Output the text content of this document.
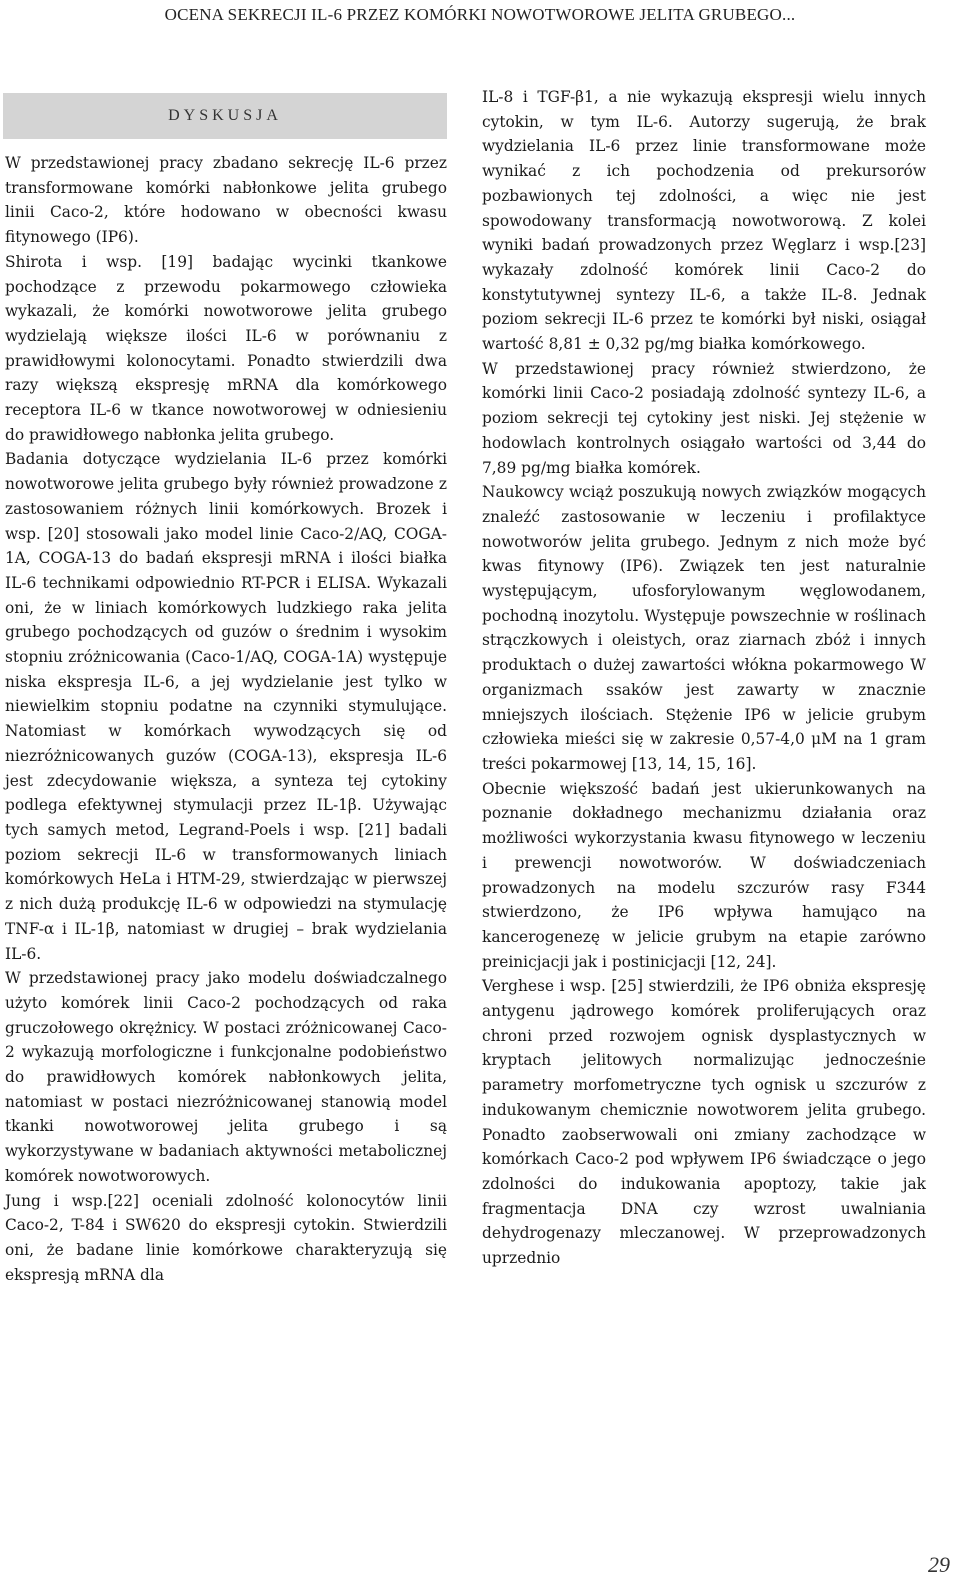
OCENA SEKRECJI IL-6 PRZEZ KOMÓRKI NOWOTWOROWE JELITA GRUBEGO...
DYSKUSJA

W przedstawionej pracy zbadano sekrecję IL-6 przez transformowane komórki nabłonkowe jelita grubego linii Caco-2, które hodowano w obecności kwasu fitynowego (IP6).

Shirota i wsp. [19] badając wycinki tkankowe pochodzące z przewodu pokarmowego człowieka wykazali, że komórki nowotworowe jelita grubego wydzielają większe ilości IL-6 w porównaniu z prawidłowymi kolonocytami. Ponadto stwierdzili dwa razy większą ekspresję mRNA dla komórkowego receptora IL-6 w tkance nowotworowej w odniesieniu do prawidłowego nabłonka jelita grubego.

Badania dotyczące wydzielania IL-6 przez komórki nowotworowe jelita grubego były również prowadzone z zastosowaniem różnych linii komórkowych. Brozek i wsp. [20] stosowali jako model linie Caco-2/AQ, COGA-1A, COGA-13 do badań ekspresji mRNA i ilości białka IL-6 technikami odpowiednio RT-PCR i ELISA. Wykazali oni, że w liniach komórkowych ludzkiego raka jelita grubego pochodzących od guzów o średnim i wysokim stopniu zróżnicowania (Caco-1/AQ, COGA-1A) występuje niska ekspresja IL-6, a jej wydzielanie jest tylko w niewielkim stopniu podatne na czynniki stymulujące. Natomiast w komórkach wywodzących się od niezróżnicowanych guzów (COGA-13), ekspresja IL-6 jest zdecydowanie większa, a synteza tej cytokiny podlega efektywnej stymulacji przez IL-1β. Używając tych samych metod, Legrand-Poels i wsp. [21] badali poziom sekrecji IL-6 w transformowanych liniach komórkowych HeLa i HTM-29, stwierdzając w pierwszej z nich dużą produkcję IL-6 w odpowiedzi na stymulację TNF-α i IL-1β, natomiast w drugiej – brak wydzielania IL-6.

W przedstawionej pracy jako modelu doświadczalnego użyto komórek linii Caco-2 pochodzących od raka gruczołowego okrężnicy. W postaci zróżnicowanej Caco-2 wykazują morfologiczne i funkcjonalne podobieństwo do prawidłowych komórek nabłonkowych jelita, natomiast w postaci niezróżnicowanej stanowią model tkanki nowotworowej jelita grubego i są wykorzystywane w badaniach aktywności metabolicznej komórek nowotworowych.

Jung i wsp.[22] oceniali zdolność kolonocytów linii Caco-2, T-84 i SW620 do ekspresji cytokin. Stwierdzili oni, że badane linie komórkowe charakteryzują się ekspresją mRNA dla

IL-8 i TGF-β1, a nie wykazują ekspresji wielu innych cytokin, w tym IL-6. Autorzy sugerują, że brak wydzielania IL-6 przez linie transformowane może wynikać z ich pochodzenia od prekursorów pozbawionych tej zdolności, a więc nie jest spowodowany transformacją nowotworową. Z kolei wyniki badań prowadzonych przez Węglarz i wsp.[23] wykazały zdolność komórek linii Caco-2 do konstytutywnej syntezy IL-6, a także IL-8. Jednak poziom sekrecji IL-6 przez te komórki był niski, osiągał wartość 8,81 ± 0,32 pg/mg białka komórkowego.

W przedstawionej pracy również stwierdzono, że komórki linii Caco-2 posiadają zdolność syntezy IL-6, a poziom sekrecji tej cytokiny jest niski. Jej stężenie w hodowlach kontrolnych osiągało wartości od 3,44 do 7,89 pg/mg białka komórek.

Naukowcy wciąż poszukują nowych związków mogących znaleźć zastosowanie w leczeniu i profilaktyce nowotworów jelita grubego. Jednym z nich może być kwas fitynowy (IP6). Związek ten jest naturalnie występującym, ufosforylowanym węglowodanem, pochodną inozytolu. Występuje powszechnie w roślinach strączkowych i oleistych, oraz ziarnach zbóż i innych produktach o dużej zawartości włókna pokarmowego W organizmach ssaków jest zawarty w znacznie mniejszych ilościach. Stężenie IP6 w jelicie grubym człowieka mieści się w zakresie 0,57-4,0 μM na 1 gram treści pokarmowej [13, 14, 15, 16].

Obecnie większość badań jest ukierunkowanych na poznanie dokładnego mechanizmu działania oraz możliwości wykorzystania kwasu fitynowego w leczeniu i prewencji nowotworów. W doświadczeniach prowadzonych na modelu szczurów rasy F344 stwierdzono, że IP6 wpływa hamująco na kancerogenezę w jelicie grubym na etapie zarówno preinicjacji jak i postinicjacji [12, 24].

Verghese i wsp. [25] stwierdzili, że IP6 obniża ekspresję antygenu jądrowego komórek proliferujących oraz chroni przed rozwojem ognisk dysplastycznych w kryptach jelitowych normalizując jednocześnie parametry morfometryczne tych ognisk u szczurów z indukowanym chemicznie nowotworem jelita grubego. Ponadto zaobserwowali oni zmiany zachodzące w komórkach Caco-2 pod wpływem IP6 świadczące o jego zdolności do indukowania apoptozy, takie jak fragmentacja DNA czy wzrost uwalniania dehydrogenazy mleczanowej. W przeprowadzonych uprzednio

29
